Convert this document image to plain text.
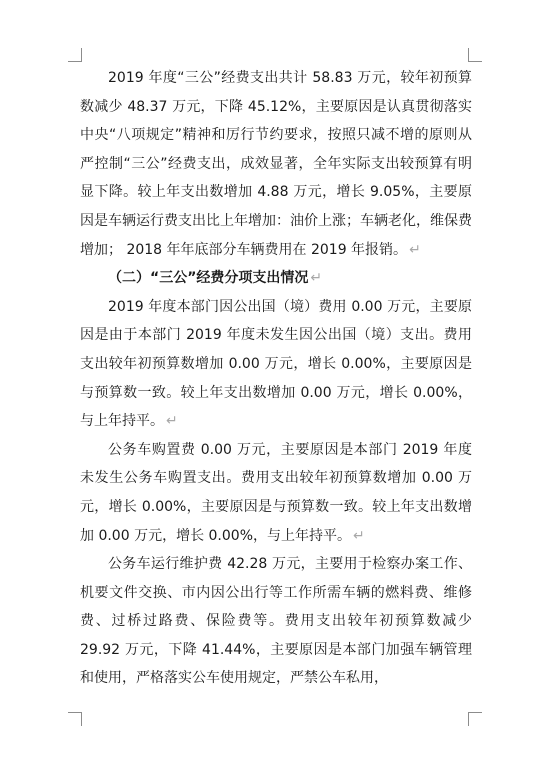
2019 年度“三公”经费支出共计 58.83 万元，较年初预算数减少 48.37 万元，下降 45.12%，主要原因是认真贯彻落实中央“八项规定”精神和厉行节约要求，按照只减不增的原则从严控制“三公”经费支出，成效显著，全年实际支出较预算有明显下降。较上年支出数增加 4.88 万元，增长 9.05%，主要原因是车辆运行费支出比上年增加：油价上涨；车辆老化，维保费增加； 2018 年年底部分车辆费用在 2019 年报销。 ↵

（二）“三公”经费分项支出情况 ↵

2019 年度本部门因公出国（境）费用 0.00 万元，主要原因是由于本部门 2019 年度未发生因公出国（境）支出。费用支出较年初预算数增加 0.00 万元，增长 0.00%，主要原因是与预算数一致。较上年支出数增加 0.00 万元，增长 0.00%，与上年持平。 ↵

公务车购置费 0.00 万元，主要原因是本部门 2019 年度未发生公务车购置支出。费用支出较年初预算数增加 0.00 万元，增长 0.00%，主要原因是与预算数一致。较上年支出数增加 0.00 万元，增长 0.00%，与上年持平。 ↵

公务车运行维护费 42.28 万元，主要用于检察办案工作、机要文件交换、市内因公出行等工作所需车辆的燃料费、维修费、过桥过路费、保险费等。费用支出较年初预算数减少 29.92 万元，下降 41.44%，主要原因是本部门加强车辆管理和使用，严格落实公车使用规定，严禁公车私用，
